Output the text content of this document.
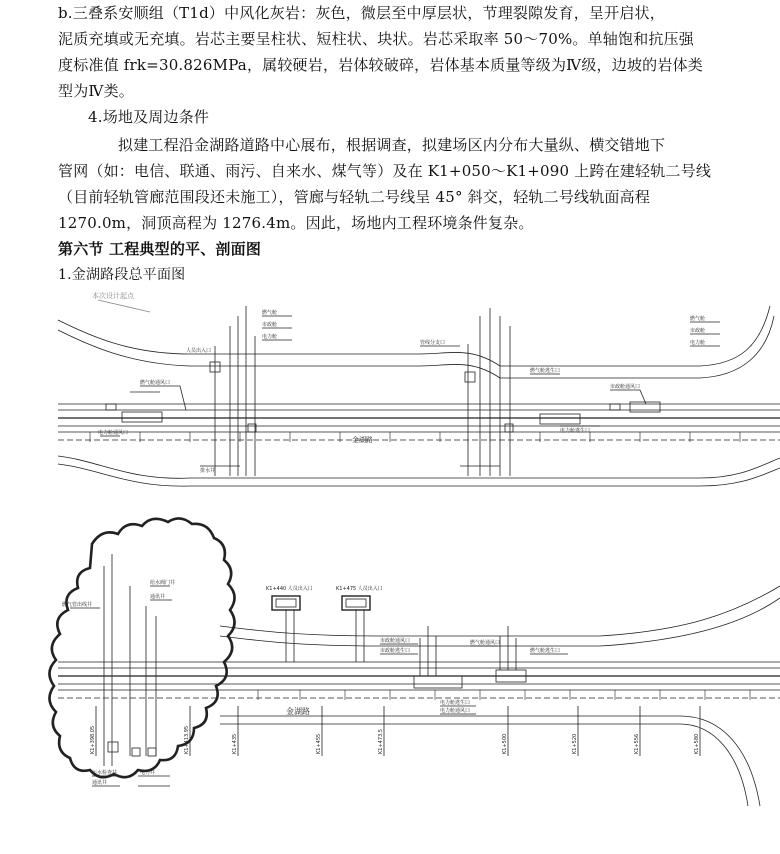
b.三叠系安顺组（T1d）中风化灰岩：灰色，微层至中厚层状，节理裂隙发育，呈开启状，
泥质充填或无充填。岩芯主要呈柱状、短柱状、块状。岩芯采取率 50～70%。单轴饱和抗压强
度标准值 frk=30.826MPa，属较硬岩，岩体较破碎，岩体基本质量等级为Ⅳ级，边坡的岩体类
型为Ⅳ类。
4.场地及周边条件
拟建工程沿金湖路道路中心展布，根据调查，拟建场区内分布大量纵、横交错地下
管网（如：电信、联通、雨污、自来水、煤气等）及在 K1+050～K1+090 上跨在建轻轨二号线
（目前轻轨管廊范围段还未施工），管廊与轻轨二号线呈 45° 斜交，轻轨二号线轨面高程
1270.0m，洞顶高程为 1276.4m。因此，场地内工程环境条件复杂。
第六节 工程典型的平、剖面图
1.金湖路段总平面图
本次设计起点
燃气舱
市政舱
电力舱
燃气舱
市政舱
电力舱
燃气舱通风口
电力舱通风口
市政舱通风口
人员出入口
燃气舱逃生口
电力舱逃生口
管线分支口
排水井
金湖路
K1+440 人员出入口	K1+475 人员出入口
市政舱通风口
市政舱逃生口
燃气舱通风口
燃气舱逃生口
电力舱逃生口
电力舱通风口
燃气管出线井
给水阀门井
通讯井
污水检查井
通讯井
电力井
金湖路
K1+413.95	K1+435	K1+455	K1+473.5	K1+500	K1+520	K1+556	K1+580
K1+398.05
